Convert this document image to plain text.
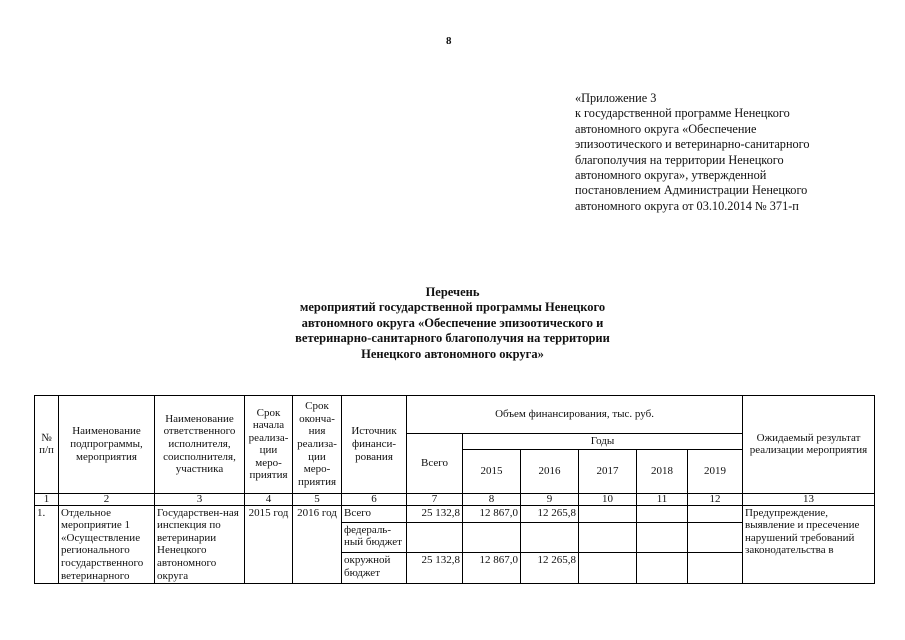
8
«Приложение 3
к государственной программе Ненецкого
автономного округа «Обеспечение
эпизоотического и ветеринарно-санитарного
благополучия на территории Ненецкого
автономного округа», утвержденной
постановлением Администрации Ненецкого
автономного округа от 03.10.2014 № 371-п
Перечень
мероприятий государственной программы Ненецкого
автономного округа «Обеспечение эпизоотического и
ветеринарно-санитарного благополучия на территории
Ненецкого автономного округа»
№ п/п	Наименование подпрограммы, мероприятия	Наименование ответственного исполнителя, соисполнителя, участника	Срок начала реализа-ции меро-приятия	Срок оконча-ния реализа-ции меро-приятия	Источник финанси-рования	Объем финансирования, тыс. руб.						Ожидаемый результат реализации мероприятия
						Всего	Годы					
							2015	2016	2017	2018	2019	
1	2	3	4	5	6	7	8	9	10	11	12	13
1.	Отдельное мероприятие 1 «Осуществление регионального государственного ветеринарного	Государствен-ная инспекция по ветеринарии Ненецкого автономного округа	2015 год	2016 год	Всего	25 132,8	12 867,0	12 265,8				Предупреждение, выявление и пресечение нарушений требований законодательства в
					федераль-ный бюджет							
					окружной бюджет	25 132,8	12 867,0	12 265,8				
